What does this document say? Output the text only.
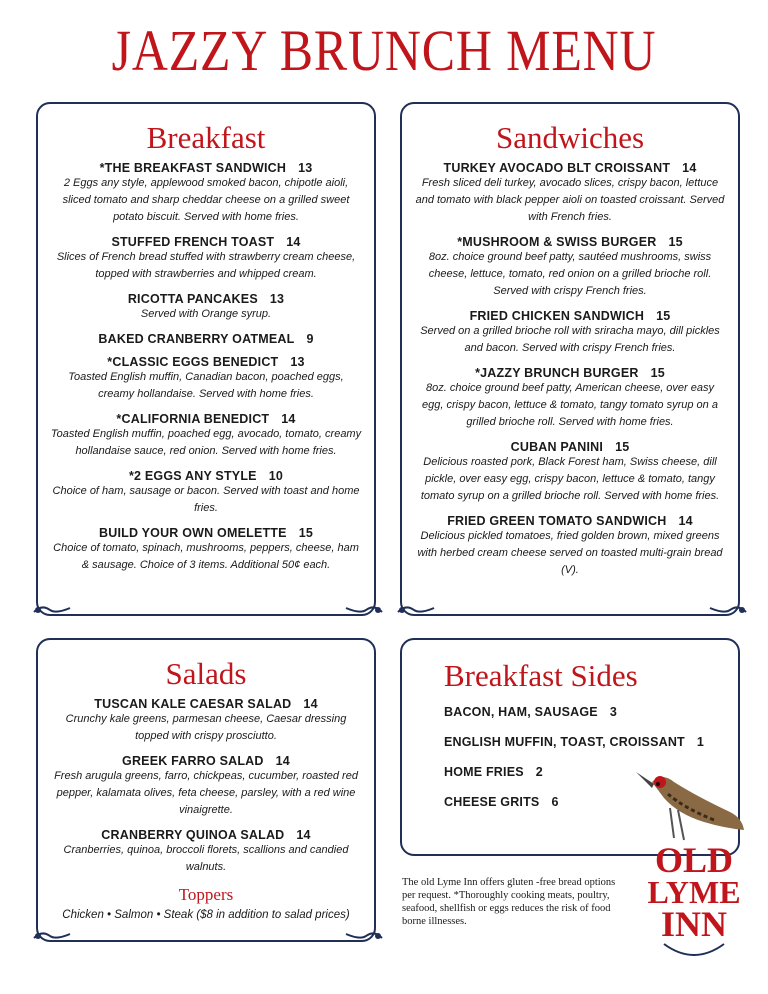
JAZZY BRUNCH MENU
Breakfast
*THE BREAKFAST SANDWICH 13
2 Eggs any style, applewood smoked bacon, chipotle aioli, sliced tomato and sharp cheddar cheese on a grilled sweet potato biscuit. Served with home fries.
STUFFED FRENCH TOAST 14
Slices of French bread stuffed with strawberry cream cheese, topped with strawberries and whipped cream.
RICOTTA PANCAKES 13
Served with Orange syrup.
BAKED CRANBERRY OATMEAL 9
*CLASSIC EGGS BENEDICT 13
Toasted English muffin, Canadian bacon, poached eggs, creamy hollandaise. Served with home fries.
*CALIFORNIA BENEDICT 14
Toasted English muffin, poached egg, avocado, tomato, creamy hollandaise sauce, red onion. Served with home fries.
*2 EGGS ANY STYLE 10
Choice of ham, sausage or bacon. Served with toast and home fries.
BUILD YOUR OWN OMELETTE 15
Choice of tomato, spinach, mushrooms, peppers, cheese, ham & sausage. Choice of 3 items. Additional 50¢ each.
Sandwiches
TURKEY AVOCADO BLT CROISSANT 14
Fresh sliced deli turkey, avocado slices, crispy bacon, lettuce and tomato with black pepper aioli on toasted croissant. Served with French fries.
*MUSHROOM & SWISS BURGER 15
8oz. choice ground beef patty, sautéed mushrooms, swiss cheese, lettuce, tomato, red onion on a grilled brioche roll. Served with crispy French fries.
FRIED CHICKEN SANDWICH 15
Served on a grilled brioche roll with sriracha mayo, dill pickles and bacon. Served with crispy French fries.
*JAZZY BRUNCH BURGER 15
8oz. choice ground beef patty, American cheese, over easy egg, crispy bacon, lettuce & tomato, tangy tomato syrup on a grilled brioche roll. Served with home fries.
CUBAN PANINI 15
Delicious roasted pork, Black Forest ham, Swiss cheese, dill pickle, over easy egg, crispy bacon, lettuce & tomato, tangy tomato syrup on a grilled brioche roll. Served with home fries.
FRIED GREEN TOMATO SANDWICH 14
Delicious pickled tomatoes, fried golden brown, mixed greens with herbed cream cheese served on toasted multi-grain bread (V).
Salads
TUSCAN KALE CAESAR SALAD 14
Crunchy kale greens, parmesan cheese, Caesar dressing topped with crispy prosciutto.
GREEK FARRO SALAD 14
Fresh arugula greens, farro, chickpeas, cucumber, roasted red pepper, kalamata olives, feta cheese, parsley, with a red wine vinaigrette.
CRANBERRY QUINOA SALAD 14
Cranberries, quinoa, broccoli florets, scallions and candied walnuts.
Toppers
Chicken • Salmon • Steak ($8 in addition to salad prices)
Breakfast Sides
BACON, HAM, SAUSAGE 3
ENGLISH MUFFIN, TOAST, CROISSANT 1
HOME FRIES 2
CHEESE GRITS 6
The old Lyme Inn offers gluten -free bread options per request. *Thoroughly cooking meats, poultry, seafood, shellfish or eggs reduces the risk of food borne illnesses.
OLD
LYME
INN
